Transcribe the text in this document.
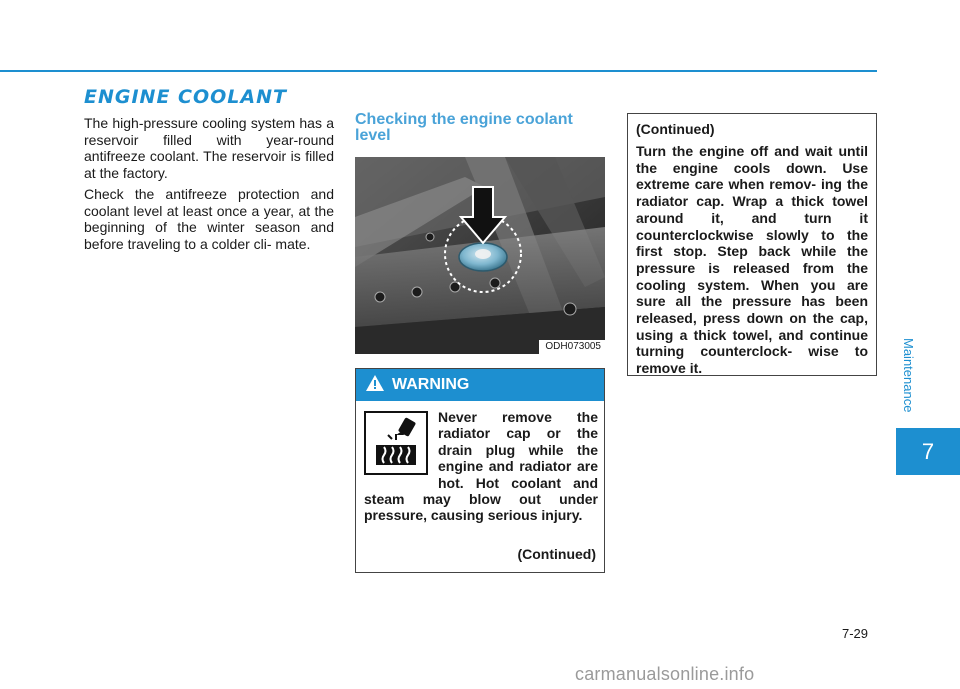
ENGINE COOLANT

The high-pressure cooling system has a reservoir filled with year-round antifreeze coolant. The reservoir is filled at the factory.

Check the antifreeze protection and coolant level at least once a year, at the beginning of the winter season and before traveling to a colder cli- mate.

Checking the engine coolant level
ODH073005
WARNING
Never remove the radiator cap or the drain plug while the engine and radiator are hot. Hot coolant and steam may blow out under pressure, causing serious injury.
(Continued)
(Continued)
Turn the engine off and wait until the engine cools down. Use extreme care when remov- ing the radiator cap. Wrap a thick towel around it, and turn it counterclockwise slowly to the first stop. Step back while the pressure is released from the cooling system. When you are sure all the pressure has been released, press down on the cap, using a thick towel, and continue turning counterclock- wise to remove it.	Maintenance
7
7-29
carmanualsonline.info
